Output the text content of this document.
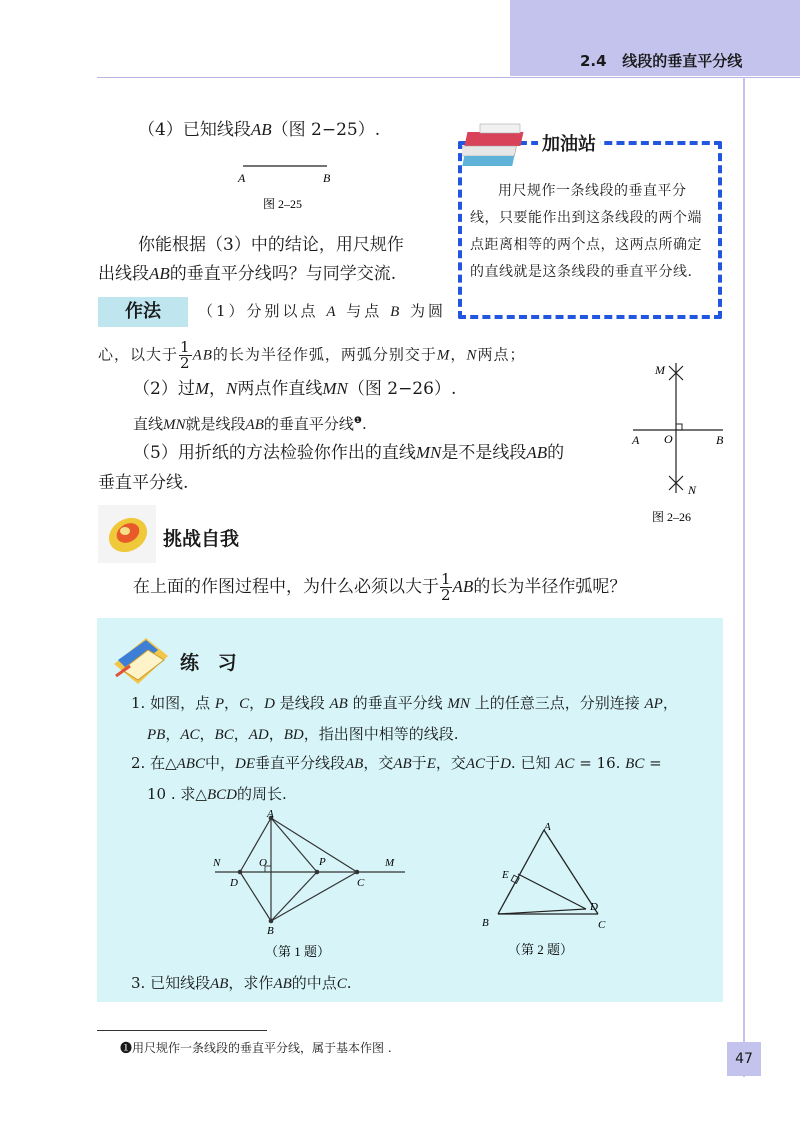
2.4 线段的垂直平分线
（4）已知线段AB（图 2−25）.
A	B
图 2–25
你能根据（3）中的结论，用尺规作
出线段AB的垂直平分线吗？与同学交流.
作法	（1）分别以点 A 与点 B 为圆
心，以大于 $\frac{1}{2}$ AB的长为半径作弧，两弧分别交于M，N两点；
（2）过M，N两点作直线MN（图 2−26）.
直线MN就是线段AB的垂直平分线$^❶$.
（5）用折纸的方法检验你作出的直线MN是不是线段AB的
垂直平分线.
M
N
A O	B
图 2–26
加油站
用尺规作一条线段的垂直平分线，只要能作出到这条线段的两个端点距离相等的两个点，这两点所确定的直线就是这条线段的垂直平分线.
挑战自我
在上面的作图过程中，为什么必须以大于 $\frac{1}{2}$ AB的长为半径作弧呢？
练 习
1. 如图，点 P，C，D 是线段 AB 的垂直平分线 MN 上的任意三点，分别连接 AP，
PB，AC，BC，AD，BD，指出图中相等的线段.
2. 在△ABC中，DE垂直平分线段AB，交AB于E，交AC于D. 已知 AC = 16. BC =
10 . 求△BCD的周长.
A
B
N	M
O	P
D	C
（第 1 题）
A
B	C
D
E
（第 2 题）
3. 已知线段AB，求作AB的中点C.
❶用尺规作一条线段的垂直平分线，属于基本作图 .
47
